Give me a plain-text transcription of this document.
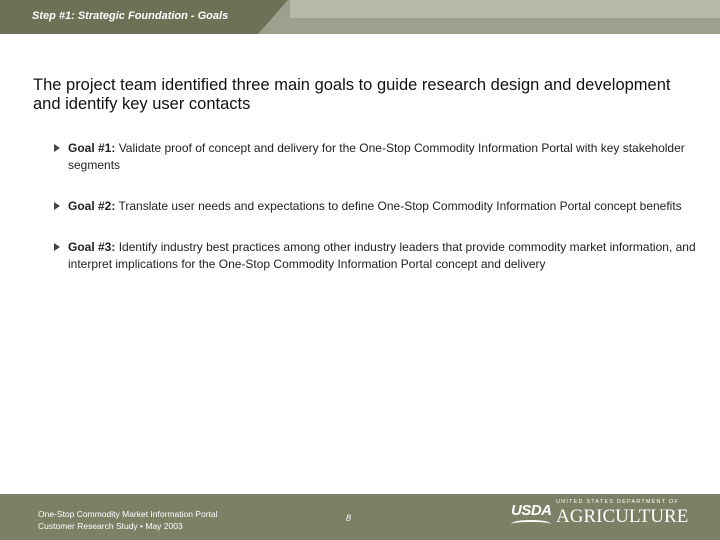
Step #1: Strategic Foundation - Goals
The project team identified three main goals to guide research design and development and identify key user contacts
Goal #1: Validate proof of concept and delivery for the One-Stop Commodity Information Portal with key stakeholder segments
Goal #2: Translate user needs and expectations to define One-Stop Commodity Information Portal concept benefits
Goal #3: Identify industry best practices among other industry leaders that provide commodity market information, and interpret implications for the One-Stop Commodity Information Portal concept and delivery
One-Stop Commodity Market Information Portal
Customer Research Study • May 2003
8	USDA UNITED STATES DEPARTMENT OF
AGRICULTURE
